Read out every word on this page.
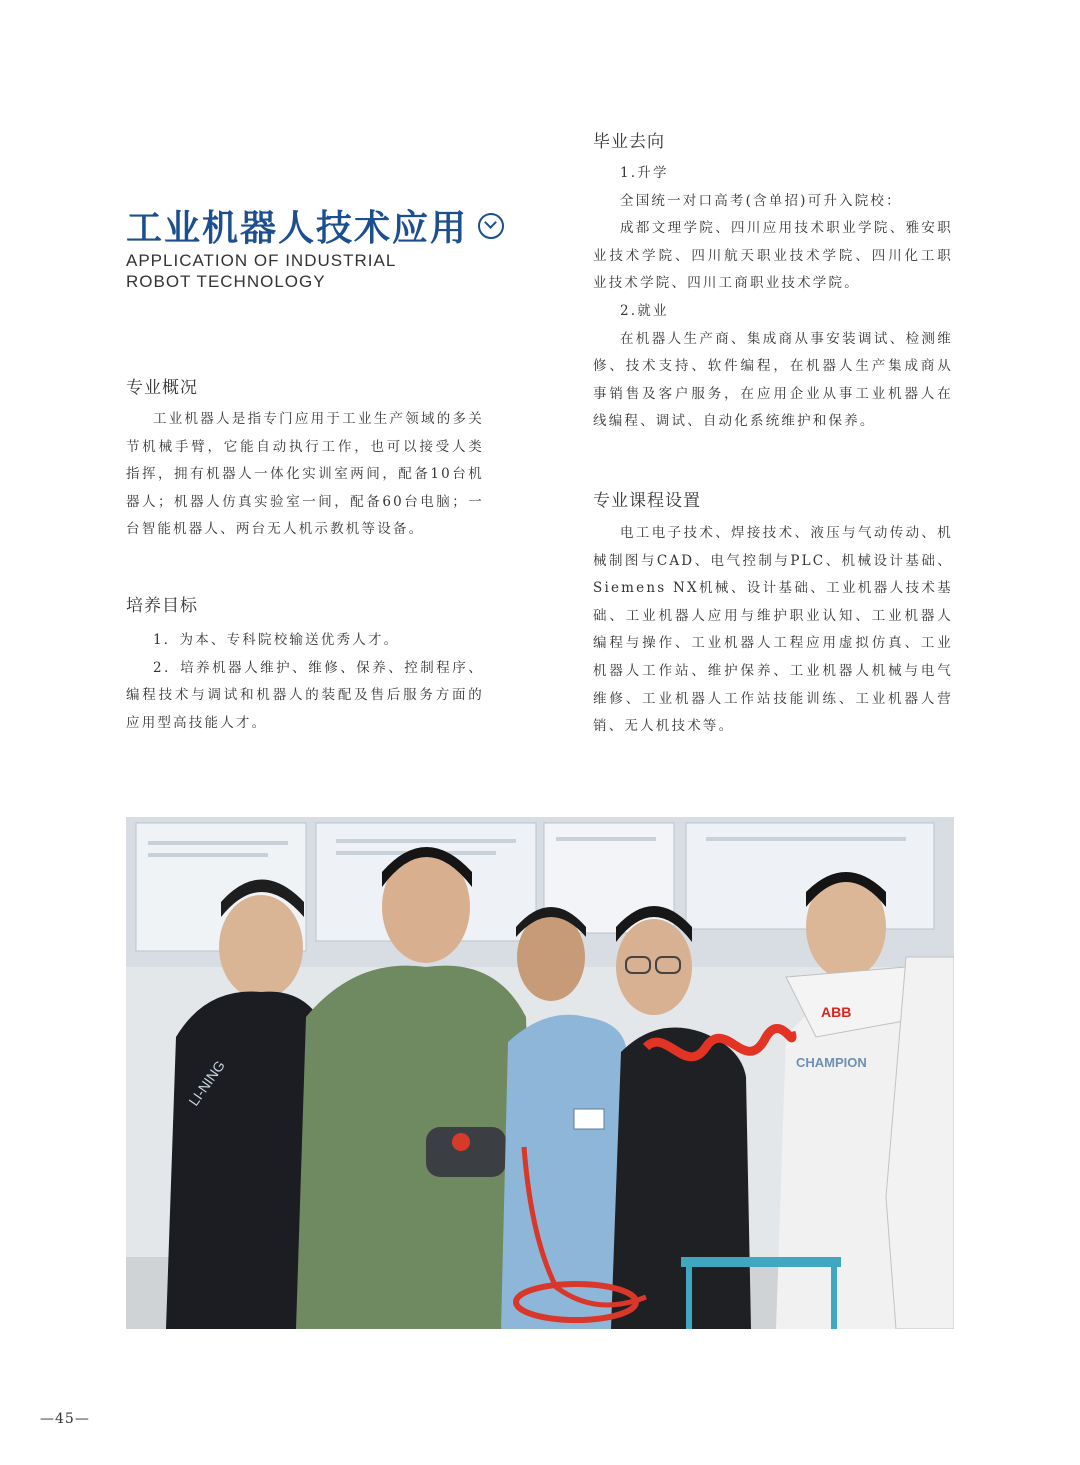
工业机器人技术应用
APPLICATION OF INDUSTRIAL
ROBOT TECHNOLOGY
专业概况

工业机器人是指专门应用于工业生产领域的多关节机械手臂，它能自动执行工作，也可以接受人类指挥，拥有机器人一体化实训室两间，配备10台机器人；机器人仿真实验室一间，配备60台电脑；一台智能机器人、两台无人机示教机等设备。

培养目标

1．为本、专科院校输送优秀人才。

2．培养机器人维护、维修、保养、控制程序、编程技术与调试和机器人的装配及售后服务方面的应用型高技能人才。

毕业去向

1.升学

全国统一对口高考(含单招)可升入院校：

成都文理学院、四川应用技术职业学院、雅安职业技术学院、四川航天职业技术学院、四川化工职业技术学院、四川工商职业技术学院。

2.就业

在机器人生产商、集成商从事安装调试、检测维修、技术支持、软件编程，在机器人生产集成商从事销售及客户服务，在应用企业从事工业机器人在线编程、调试、自动化系统维护和保养。

专业课程设置

电工电子技术、焊接技术、液压与气动传动、机械制图与CAD、电气控制与PLC、机械设计基础、Siemens NX机械、设计基础、工业机器人技术基础、工业机器人应用与维护职业认知、工业机器人编程与操作、工业机器人工程应用虚拟仿真、工业机器人工作站、维护保养、工业机器人机械与电气维修、工业机器人工作站技能训练、工业机器人营销、无人机技术等。

LI-NING
ABB
CHAMPION
—45—
